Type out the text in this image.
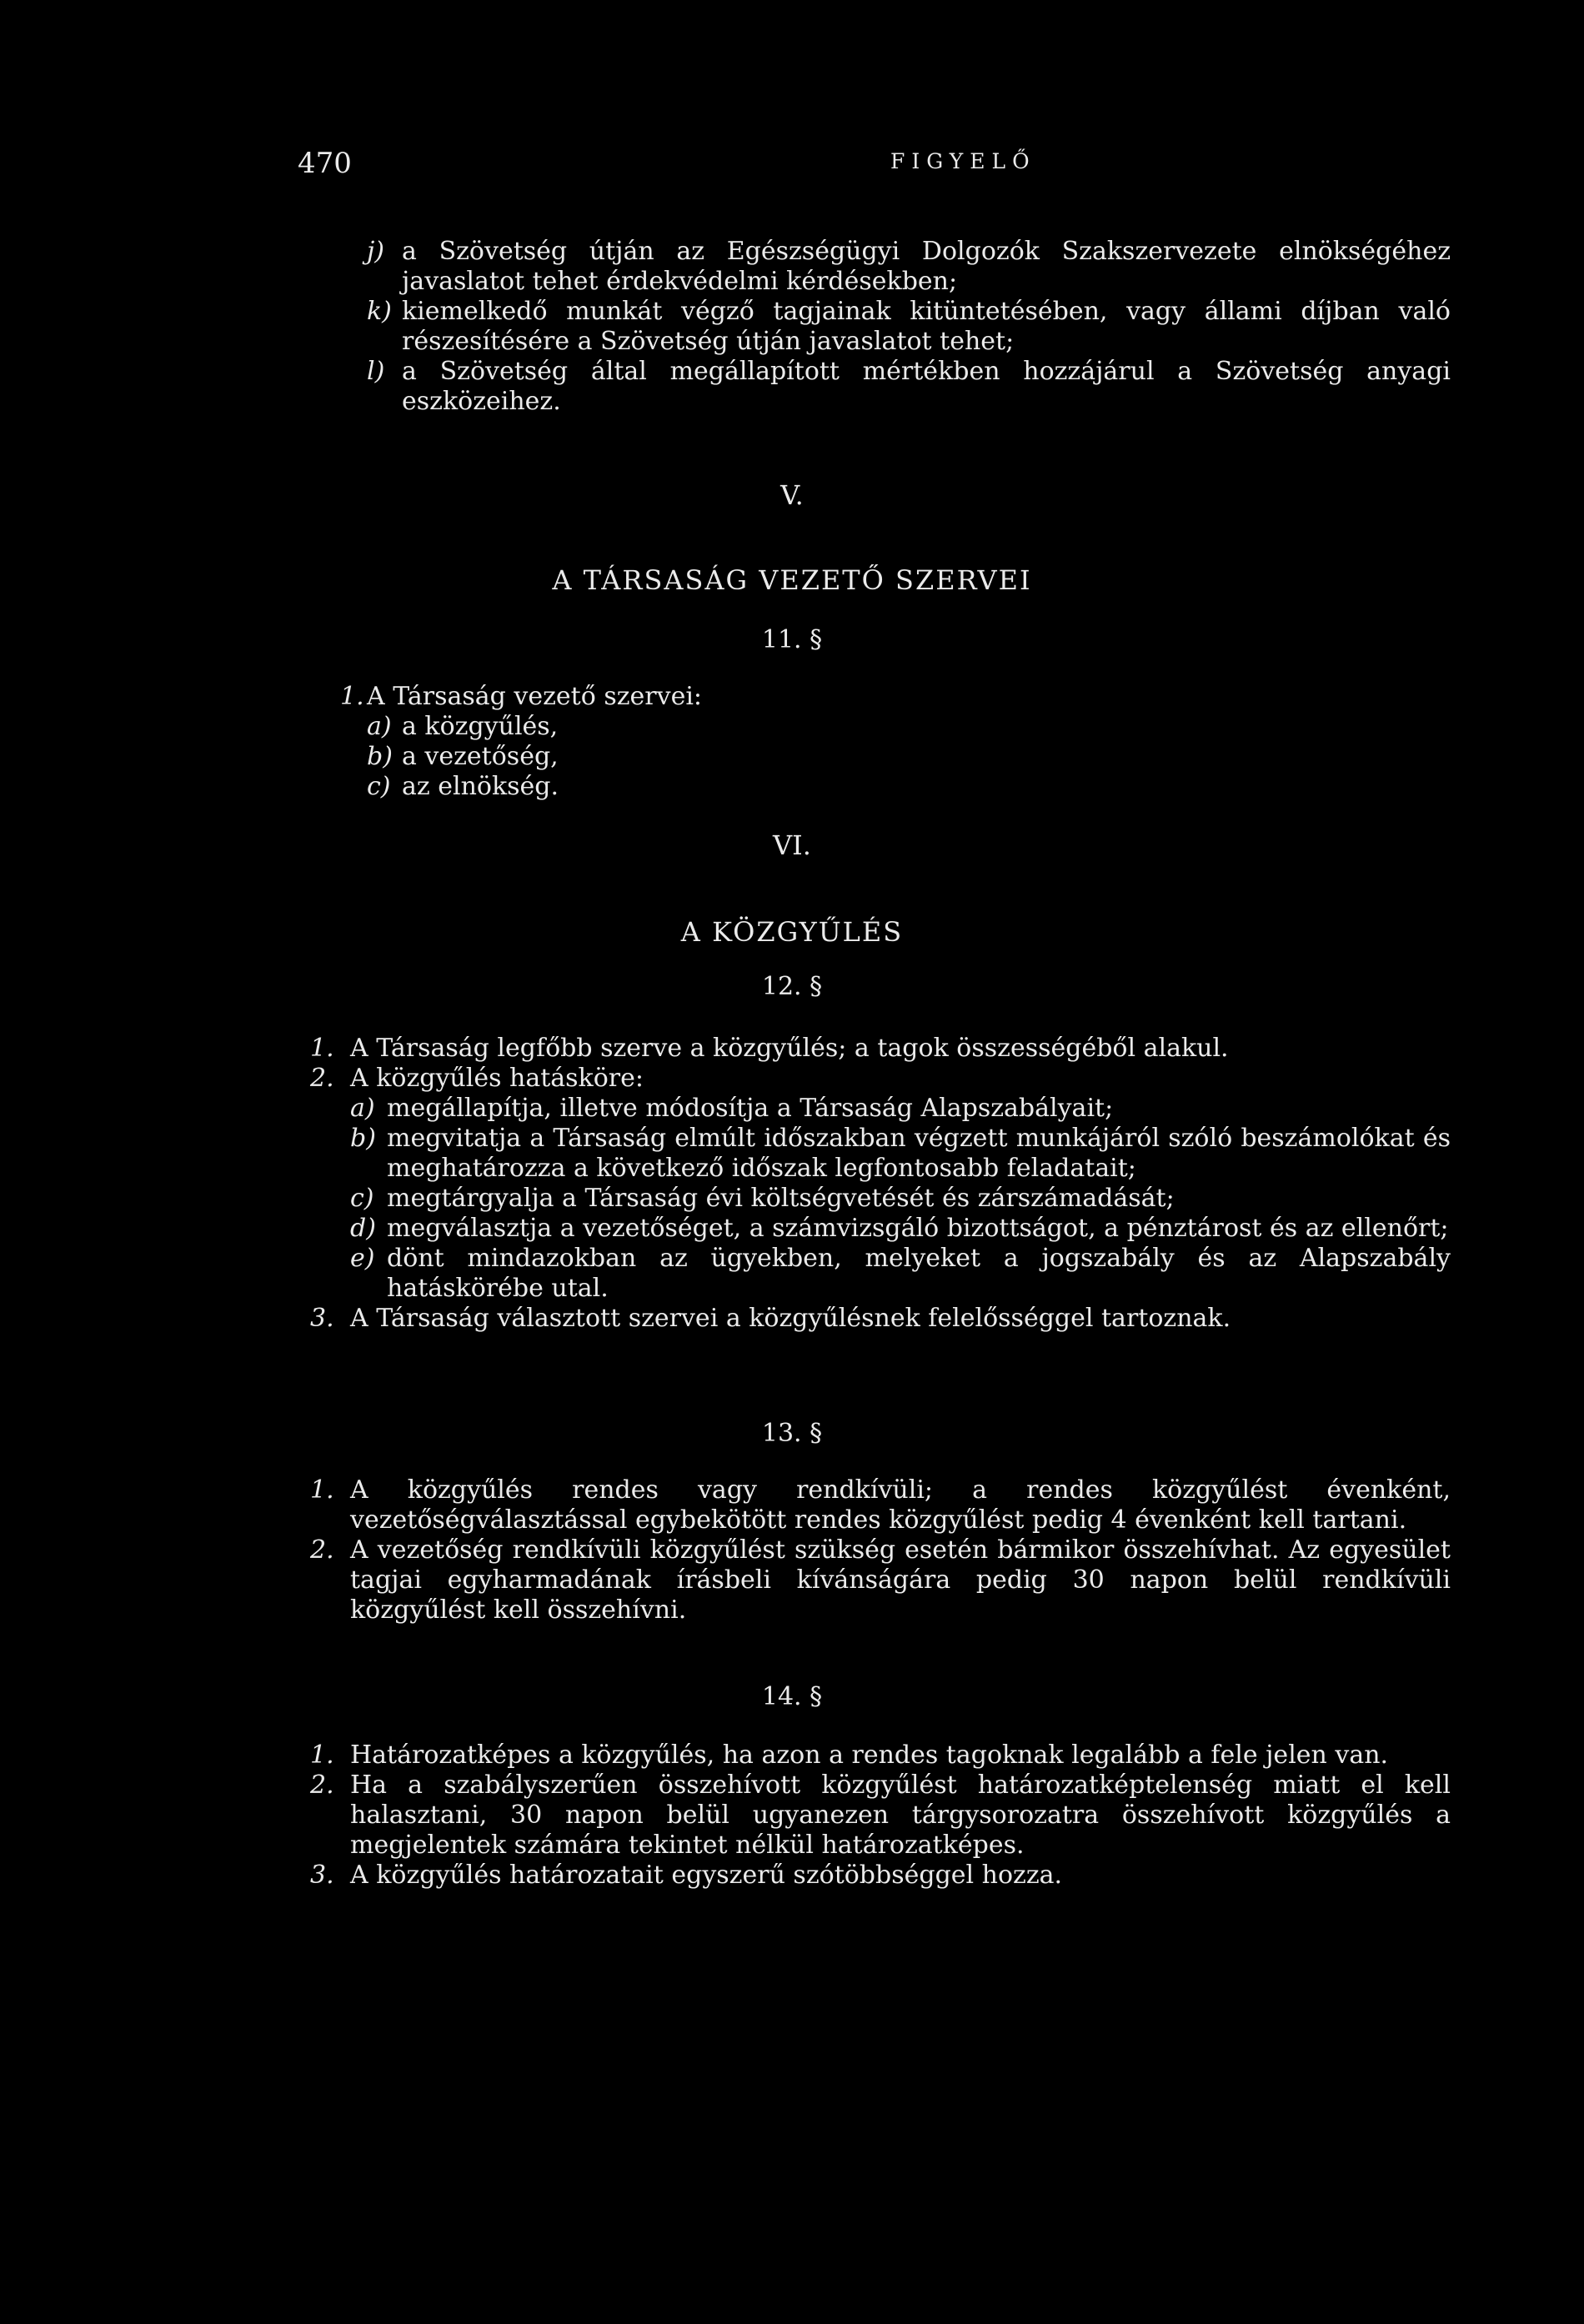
470	FIGYELŐ
j) a Szövetség útján az Egészségügyi Dolgozók Szakszervezete elnökségéhez javaslatot tehet érdekvédelmi kérdésekben;
k) kiemelkedő munkát végző tagjainak kitüntetésében, vagy állami díjban való részesítésére a Szövetség útján javaslatot tehet;
l) a Szövetség által megállapított mértékben hozzájárul a Szövetség anyagi eszközeihez.
V.
A TÁRSASÁG VEZETŐ SZERVEI
11. §
1. A Társaság vezető szervei:
a) a közgyűlés,
b) a vezetőség,
c) az elnökség.
VI.
A KÖZGYŰLÉS
12. §
1. A Társaság legfőbb szerve a közgyűlés; a tagok összességéből alakul.
2. A közgyűlés hatásköre:
a) megállapítja, illetve módosítja a Társaság Alapszabályait;
b) megvitatja a Társaság elmúlt időszakban végzett munkájáról szóló beszámolókat és meghatározza a következő időszak legfontosabb feladatait;
c) megtárgyalja a Társaság évi költségvetését és zárszámadását;
d) megválasztja a vezetőséget, a számvizsgáló bizottságot, a pénztárost és az ellenőrt;
e) dönt mindazokban az ügyekben, melyeket a jogszabály és az Alapszabály hatáskörébe utal.
3. A Társaság választott szervei a közgyűlésnek felelősséggel tartoznak.
13. §
1. A közgyűlés rendes vagy rendkívüli; a rendes közgyűlést évenként, vezetőségválasztással egybekötött rendes közgyűlést pedig 4 évenként kell tartani.
2. A vezetőség rendkívüli közgyűlést szükség esetén bármikor összehívhat. Az egyesület tagjai egyharmadának írásbeli kívánságára pedig 30 napon belül rendkívüli közgyűlést kell összehívni.
14. §
1. Határozatképes a közgyűlés, ha azon a rendes tagoknak legalább a fele jelen van.
2. Ha a szabályszerűen összehívott közgyűlést határozatképtelenség miatt el kell halasztani, 30 napon belül ugyanezen tárgysorozatra összehívott közgyűlés a megjelentek számára tekintet nélkül határozatképes.
3. A közgyűlés határozatait egyszerű szótöbbséggel hozza.
